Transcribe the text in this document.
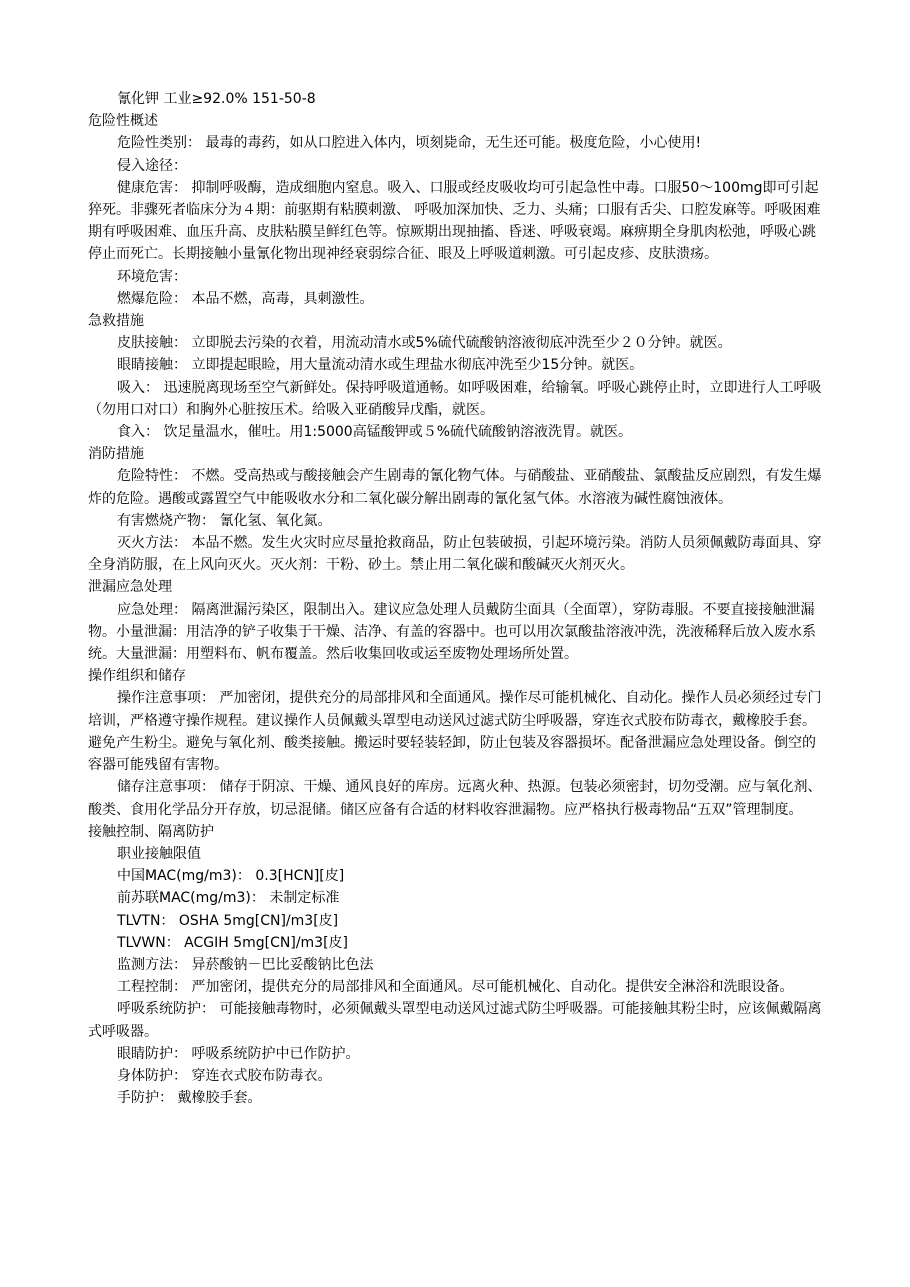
氰化钾 工业≥92.0% 151-50-8

危险性概述

危险性类别： 最毒的毒药，如从口腔进入体内，顷刻毙命，无生还可能。极度危险，小心使用!

侵入途径：

健康危害： 抑制呼吸酶，造成细胞内窒息。吸入、口服或经皮吸收均可引起急性中毒。口服50～100mg即可引起猝死。非骤死者临床分为４期：前驱期有粘膜刺激、 呼吸加深加快、乏力、头痛；口服有舌尖、口腔发麻等。呼吸困难期有呼吸困难、血压升高、皮肤粘膜呈鲜红色等。惊厥期出现抽搐、昏迷、呼吸衰竭。麻痹期全身肌肉松弛，呼吸心跳停止而死亡。长期接触小量氰化物出现神经衰弱综合征、眼及上呼吸道刺激。可引起皮疹、皮肤溃疡。

环境危害：

燃爆危险： 本品不燃，高毒，具刺激性。

急救措施

皮肤接触： 立即脱去污染的衣着，用流动清水或5%硫代硫酸钠溶液彻底冲洗至少２０分钟。就医。

眼睛接触： 立即提起眼睑，用大量流动清水或生理盐水彻底冲洗至少15分钟。就医。

吸入： 迅速脱离现场至空气新鲜处。保持呼吸道通畅。如呼吸困难，给输氧。呼吸心跳停止时，立即进行人工呼吸（勿用口对口）和胸外心脏按压术。给吸入亚硝酸异戊酯，就医。

食入： 饮足量温水，催吐。用1:5000高锰酸钾或５%硫代硫酸钠溶液洗胃。就医。

消防措施

危险特性： 不燃。受高热或与酸接触会产生剧毒的氰化物气体。与硝酸盐、亚硝酸盐、氯酸盐反应剧烈，有发生爆炸的危险。遇酸或露置空气中能吸收水分和二氧化碳分解出剧毒的氰化氢气体。水溶液为碱性腐蚀液体。

有害燃烧产物： 氰化氢、氧化氮。

灭火方法： 本品不燃。发生火灾时应尽量抢救商品，防止包装破损，引起环境污染。消防人员须佩戴防毒面具、穿全身消防服，在上风向灭火。灭火剂：干粉、砂土。禁止用二氧化碳和酸碱灭火剂灭火。

泄漏应急处理

应急处理： 隔离泄漏污染区，限制出入。建议应急处理人员戴防尘面具（全面罩），穿防毒服。不要直接接触泄漏物。小量泄漏：用洁净的铲子收集于干燥、洁净、有盖的容器中。也可以用次氯酸盐溶液冲洗，洗液稀释后放入废水系统。大量泄漏：用塑料布、帆布覆盖。然后收集回收或运至废物处理场所处置。

操作组织和储存

操作注意事项： 严加密闭，提供充分的局部排风和全面通风。操作尽可能机械化、自动化。操作人员必须经过专门培训，严格遵守操作规程。建议操作人员佩戴头罩型电动送风过滤式防尘呼吸器，穿连衣式胶布防毒衣，戴橡胶手套。避免产生粉尘。避免与氧化剂、酸类接触。搬运时要轻装轻卸，防止包装及容器损坏。配备泄漏应急处理设备。倒空的容器可能残留有害物。

储存注意事项： 储存于阴凉、干燥、通风良好的库房。远离火种、热源。包装必须密封，切勿受潮。应与氧化剂、酸类、食用化学品分开存放，切忌混储。储区应备有合适的材料收容泄漏物。应严格执行极毒物品“五双”管理制度。

接触控制、隔离防护

职业接触限值

中国MAC(mg/m3)： 0.3[HCN][皮]

前苏联MAC(mg/m3)： 未制定标准

TLVTN： OSHA 5mg[CN]/m3[皮]

TLVWN： ACGIH 5mg[CN]/m3[皮]

监测方法： 异菸酸钠－巴比妥酸钠比色法

工程控制： 严加密闭，提供充分的局部排风和全面通风。尽可能机械化、自动化。提供安全淋浴和洗眼设备。

呼吸系统防护： 可能接触毒物时，必须佩戴头罩型电动送风过滤式防尘呼吸器。可能接触其粉尘时，应该佩戴隔离式呼吸器。

眼睛防护： 呼吸系统防护中已作防护。

身体防护： 穿连衣式胶布防毒衣。

手防护： 戴橡胶手套。
